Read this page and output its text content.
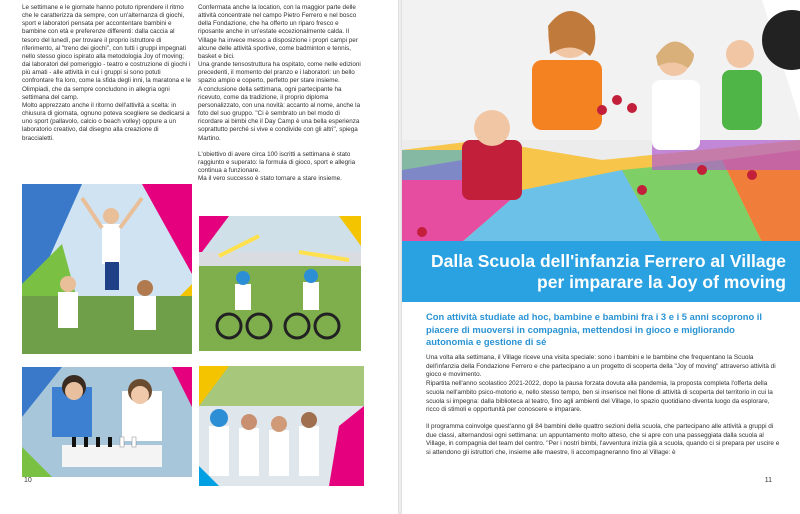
Le settimane e le giornate hanno potuto riprendere il ritmo che le caratterizza da sempre, con un'alternanza di giochi, sport e laboratori pensata per accontentare bambini e bambine con età e preferenze differenti: dalla caccia al tesoro del lunedì, per trovare il proprio istruttore di riferimento, al "treno dei giochi", con tutti i gruppi impegnati nello stesso gioco ispirato alla metodologia Joy of moving; dai laboratori del pomeriggio - teatro e costruzione di giochi i più amati - alle attività in cui i gruppi si sono potuti confrontare fra loro, come la sfida degli inni, la maratona e le Olimpiadi, che da sempre concludono in allegria ogni settimana del camp.

Molto apprezzato anche il ritorno dell'attività a scelta: in chiusura di giornata, ognuno poteva scegliere se dedicarsi a uno sport (pallavolo, calcio o beach volley) oppure a un laboratorio creativo, dal disegno alla creazione di braccialetti.

Confermata anche la location, con la maggior parte delle attività concentrate nel campo Pietro Ferrero e nel bosco della Fondazione, che ha offerto un riparo fresco e riposante anche in un'estate eccezionalmente calda. Il Village ha invece messo a disposizione i propri campi per alcune delle attività sportive, come badminton e tennis, basket e bici.

Una grande tensostruttura ha ospitato, come nelle edizioni precedenti, il momento del pranzo e i laboratori: un bello spazio ampio e coperto, perfetto per stare insieme.

A conclusione della settimana, ogni partecipante ha ricevuto, come da tradizione, il proprio diploma personalizzato, con una novità: accanto al nome, anche la foto del suo gruppo. "Ci è sembrato un bel modo di ricordare ai bimbi che il Day Camp è una bella esperienza soprattutto perché si vive e condivide con gli altri", spiega Martino.

L'obiettivo di avere circa 100 iscritti a settimana è stato raggiunto e superato: la formula di gioco, sport e allegria continua a funzionare.

Ma il vero successo è stato tornare a stare insieme.

10
Dalla Scuola dell'infanzia Ferrero al Village per imparare la Joy of moving

Con attività studiate ad hoc, bambine e bambini fra i 3 e i 5 anni scoprono il piacere di muoversi in compagnia, mettendosi in gioco e migliorando autonomia e gestione di sé

Una volta alla settimana, il Village riceve una visita speciale: sono i bambini e le bambine che frequentano la Scuola dell'infanzia della Fondazione Ferrero e che partecipano a un progetto di scoperta della "Joy of moving" attraverso attività di gioco e movimento.

Ripartita nell'anno scolastico 2021-2022, dopo la pausa forzata dovuta alla pandemia, la proposta completa l'offerta della scuola nell'ambito psico-motorio e, nello stesso tempo, ben si inserisce nel filone di attività di scoperta del territorio in cui la scuola si impegna: dalla biblioteca al teatro, fino agli ambienti del Village, lo spazio quotidiano diventa luogo da esplorare, ricco di stimoli e opportunità per conoscere e imparare.

Il programma coinvolge quest'anno gli 84 bambini delle quattro sezioni della scuola, che partecipano alle attività a gruppi di due classi, alternandosi ogni settimana: un appuntamento molto atteso, che si apre con una passeggiata dalla scuola al Village, in compagnia del team del centro. "Per i nostri bimbi, l'avventura inizia già a scuola, quando ci si prepara per uscire e si attendono gli istruttori che, insieme alle maestre, li accompagneranno fino al Village: è

11
